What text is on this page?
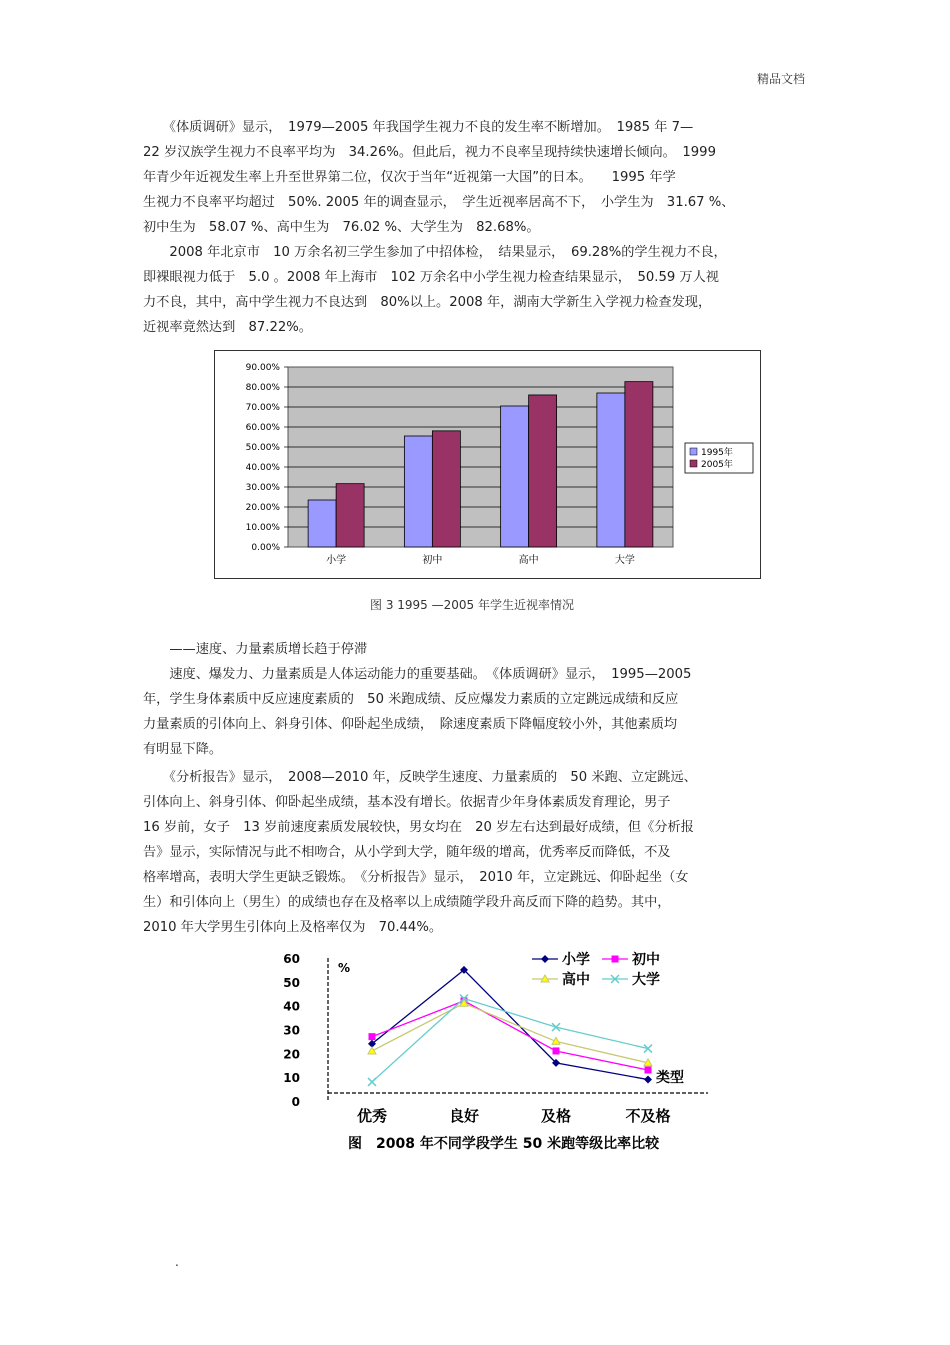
精品文档
　　《体质调研》显示，　1979—2005 年我国学生视力不良的发生率不断增加。　1985 年 7—
22 岁汉族学生视力不良率平均为　34.26%。但此后，视力不良率呈现持续快速增长倾向。　1999
年青少年近视发生率上升至世界第二位，仅次于当年“近视第一大国”的日本。　　1995 年学
生视力不良率平均超过　50%. 2005 年的调查显示，　学生近视率居高不下，　小学生为　31.67 %、
初中生为　58.07 %、高中生为　76.02 %、大学生为　82.68%。
　　2008 年北京市　10 万余名初三学生参加了中招体检，　结果显示，　69.28%的学生视力不良，
即裸眼视力低于　5.0 。2008 年上海市　102 万余名中小学生视力检查结果显示，　50.59 万人视
力不良，其中，高中学生视力不良达到　80%以上。2008 年，湖南大学新生入学视力检查发现，
近视率竟然达到　87.22%。
0.00%
10.00%
20.00%
30.00%
40.00%
50.00%
60.00%
70.00%
80.00%
90.00%
小学	初中	高中	大学
1995年
2005年
图 3 1995 —2005 年学生近视率情况
　　——速度、力量素质增长趋于停滞
　　速度、爆发力、力量素质是人体运动能力的重要基础。　《体质调研》显示，　1995—2005
年，学生身体素质中反应速度素质的　50 米跑成绩、反应爆发力素质的立定跳远成绩和反应
力量素质的引体向上、斜身引体、仰卧起坐成绩，　除速度素质下降幅度较小外，其他素质均
有明显下降。
　　《分析报告》显示，　2008—2010 年，反映学生速度、力量素质的　50 米跑、立定跳远、
引体向上、斜身引体、仰卧起坐成绩，基本没有增长。依据青少年身体素质发育理论，男子
16 岁前，女子　13 岁前速度素质发展较快，男女均在　20 岁左右达到最好成绩，但《分析报
告》显示，实际情况与此不相吻合，从小学到大学，随年级的增高，优秀率反而降低，不及
格率增高，表明大学生更缺乏锻炼。　《分析报告》显示，　2010 年，立定跳远、仰卧起坐（女
生）和引体向上（男生）的成绩也存在及格率以上成绩随学段升高反而下降的趋势。其中，
2010 年大学男生引体向上及格率仅为　70.44%。
0
10
20
30
40
50
60
%
类型
优秀	良好	及格	不及格
小学	初中
高中	大学
图　2008 年不同学段学生 50 米跑等级比率比较
.
